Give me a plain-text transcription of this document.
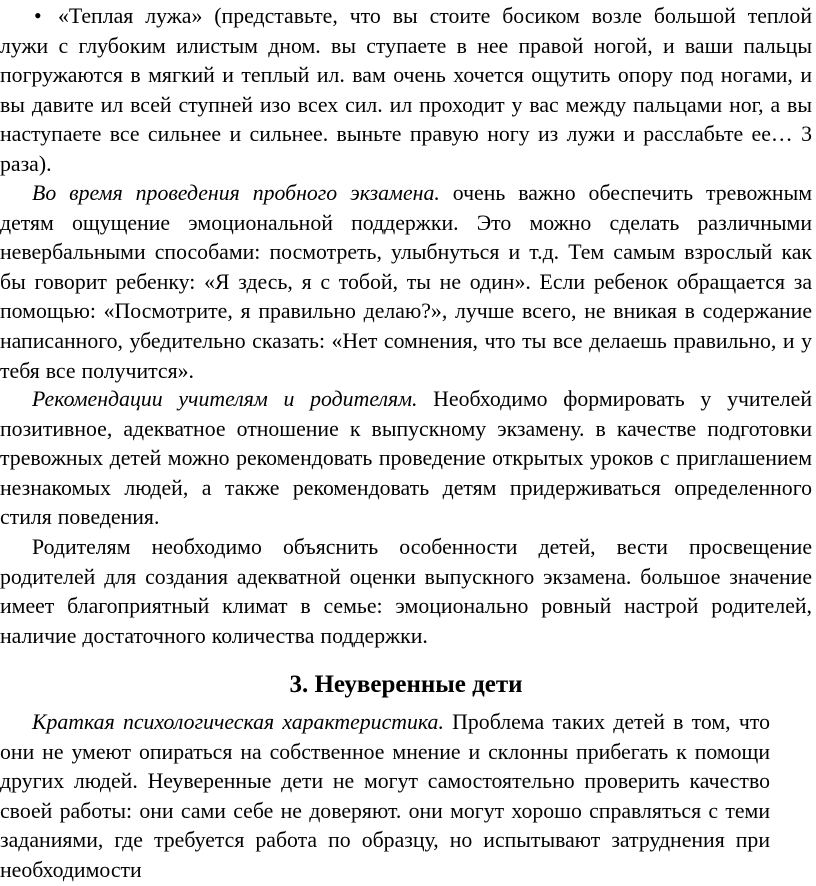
• «Теплая лужа» (представьте, что вы стоите босиком возле большой теплой лужи с глубоким илистым дном. вы ступаете в нее правой ногой, и ваши пальцы погружаются в мягкий и теплый ил. вам очень хочется ощутить опору под ногами, и вы давите ил всей ступней изо всех сил. ил проходит у вас между пальцами ног, а вы наступаете все сильнее и сильнее. выньте правую ногу из лужи и расслабьте ее… 3 раза).

Во время проведения пробного экзамена. очень важно обеспечить тревожным детям ощущение эмоциональной поддержки. Это можно сделать различными невербальными способами: посмотреть, улыбнуться и т.д. Тем самым взрослый как бы говорит ребенку: «Я здесь, я с тобой, ты не один». Если ребенок обращается за помощью: «Посмотрите, я правильно делаю?», лучше всего, не вникая в содержание написанного, убедительно сказать: «Нет сомнения, что ты все делаешь правильно, и у тебя все получится».

Рекомендации учителям и родителям. Необходимо формировать у учителей позитивное, адекватное отношение к выпускному экзамену. в качестве подготовки тревожных детей можно рекомендовать проведение открытых уроков с приглашением незнакомых людей, а также рекомендовать детям придерживаться определенного стиля поведения.

Родителям необходимо объяснить особенности детей, вести просвещение родителей для создания адекватной оценки выпускного экзамена. большое значение имеет благоприятный климат в семье: эмоционально ровный настрой родителей, наличие достаточного количества поддержки.

3. Неуверенные дети

Краткая психологическая характеристика. Проблема таких детей в том, что они не умеют опираться на собственное мнение и склонны прибегать к помощи других людей. Неуверенные дети не могут самостоятельно проверить качество своей работы: они сами себе не доверяют. они могут хорошо справляться с теми заданиями, где требуется работа по образцу, но испытывают затруднения при необходимости
